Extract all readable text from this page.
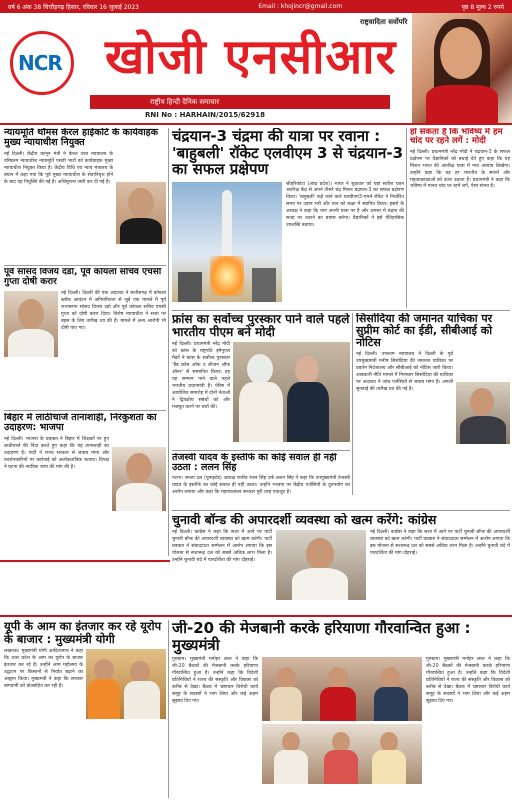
वर्ष 6 अंक 38 चित्तौड़गढ़ हिसार, रविवार 16 जुलाई 2023	Email : khojincr@gmail.com	पृष्ठ 8 मूल्य 2 रुपये
NCR
राष्ट्रवादिता सर्वोपरि
खोजी एनसीआर
राष्ट्रीय हिन्दी दैनिक समाचार
RNI No : HARHAIN/2015/62918
न्यायमूर्ति थॉमस केरल हाईकोर्ट के कार्यवाहक मुख्य न्यायाधीश नियुक्त
नई दिल्ली। केंद्रीय कानून मंत्री ने केरल उच्च न्यायालय के वरिष्ठतम न्यायाधीश न्यायमूर्ति एसवी भाटी को कार्यवाहक मुख्य न्यायाधीश नियुक्त किया है। केंद्रीय विधि एवं न्याय मंत्रालय के बयान में कहा गया कि पूर्व मुख्य न्यायाधीश के सेवानिवृत्त होने के बाद यह नियुक्ति की गई है। अधिसूचना जारी कर दी गई है।
पूर्व सांसद विजय दर्डा, पूर्व कोयला सचिव एचसी गुप्ता दोषी करार
नई दिल्ली। दिल्ली की एक अदालत ने छत्तीसगढ़ में कोयला ब्लॉक आवंटन में अनियमितता से जुड़े एक मामले में पूर्व राज्यसभा सांसद विजय दर्डा और पूर्व कोयला सचिव एचसी गुप्ता को दोषी करार दिया। विशेष न्यायाधीश ने सजा पर बहस के लिए तारीख तय की है। मामले में अन्य आरोपी भी दोषी पाए गए।
बिहार में लाठीचार्ज तानाशाही, निरंकुशता का उदाहरण: भाजपा
नई दिल्ली। भाजपा के प्रवक्ता ने बिहार में शिक्षकों पर हुए लाठीचार्ज की निंदा करते हुए कहा कि यह तानाशाही का उदाहरण है। पार्टी ने राज्य सरकार से जवाब मांगा और प्रदर्शनकारियों पर कार्रवाई को अलोकतांत्रिक बताया। विपक्ष ने घटना की न्यायिक जांच की मांग की है।
चंद्रयान-3 चंद्रमा की यात्रा पर रवाना : 'बाहुबली' रॉकेट एलवीएम 3 से चंद्रयान-3 का सफल प्रक्षेपण
श्रीहरिकोटा (आंध्र प्रदेश)। भारत ने शुक्रवार को यहां सतीश धवन अंतरिक्ष केंद्र से अपने तीसरे चंद्र मिशन चंद्रयान-3 का सफल प्रक्षेपण किया। 'बाहुबली' कहे जाने वाले एलवीएम3-एम4 रॉकेट ने निर्धारित समय पर उड़ान भरी और यान को कक्षा में स्थापित किया। इसरो के अध्यक्ष ने कहा कि यान अपनी यात्रा पर है और अगस्त में चंद्रमा की सतह पर उतरने का प्रयास करेगा। वैज्ञानिकों ने इसे ऐतिहासिक उपलब्धि बताया।
हो सकता है कि भविष्य में हम चांद पर रहने लगें : मोदी
नई दिल्ली। प्रधानमंत्री नरेंद्र मोदी ने चंद्रयान-3 के सफल प्रक्षेपण पर वैज्ञानिकों को बधाई देते हुए कहा कि यह मिशन भारत की अंतरिक्ष यात्रा में नया अध्याय लिखेगा। उन्होंने कहा कि यह हर भारतीय के सपनों और महत्वाकांक्षाओं को ऊंचा उठाता है। प्रधानमंत्री ने कहा कि भविष्य में मानव चांद पर रहने लगें, ऐसा संभव है।
फ्रांस का सर्वोच्च पुरस्कार पाने वाले पहले भारतीय पीएम बने मोदी
नई दिल्ली। प्रधानमंत्री नरेंद्र मोदी को फ्रांस के राष्ट्रपति इमैनुएल मैक्रों ने फ्रांस के सर्वोच्च पुरस्कार 'ग्रैंड क्रॉस ऑफ द लीजन ऑफ ऑनर' से सम्मानित किया। वह यह सम्मान पाने वाले पहले भारतीय प्रधानमंत्री हैं। पेरिस में आयोजित समारोह में दोनों नेताओं ने द्विपक्षीय संबंधों को और मजबूत करने पर चर्चा की।
सिसोदिया की जमानत याचिका पर सुप्रीम कोर्ट का ईडी, सीबीआई को नोटिस
नई दिल्ली। उच्चतम न्यायालय ने दिल्ली के पूर्व उपमुख्यमंत्री मनीष सिसोदिया की जमानत याचिका पर प्रवर्तन निदेशालय और सीबीआई को नोटिस जारी किया। आबकारी नीति मामले में गिरफ्तार सिसोदिया की याचिका पर अदालत ने जांच एजेंसियों से जवाब मांगा है। अगली सुनवाई की तारीख तय की गई है।
तेजस्वी यादव के इस्तीफे का कोई सवाल ही नहीं उठता : ललन सिंह
पटना। जनता दल (यूनाइटेड) अध्यक्ष राजीव रंजन सिंह उर्फ ललन सिंह ने कहा कि उपमुख्यमंत्री तेजस्वी यादव के इस्तीफे का कोई सवाल ही नहीं उठता। उन्होंने भाजपा पर केंद्रीय एजेंसियों के दुरुपयोग का आरोप लगाया और कहा कि महागठबंधन सरकार पूरी तरह एकजुट है।
चुनावी बॉन्ड की अपारदर्शी व्यवस्था को खत्म करेंगे: कांग्रेस
नई दिल्ली। कांग्रेस ने कहा कि सत्ता में आने पर पार्टी चुनावी बॉन्ड की अपारदर्शी व्यवस्था को खत्म करेगी। पार्टी प्रवक्ता ने संवाददाता सम्मेलन में आरोप लगाया कि इस योजना से सत्तारूढ़ दल को सबसे अधिक लाभ मिला है। उन्होंने चुनावी चंदे में पारदर्शिता की मांग दोहराई।
नई दिल्ली। कांग्रेस ने कहा कि सत्ता में आने पर पार्टी चुनावी बॉन्ड की अपारदर्शी व्यवस्था को खत्म करेगी। पार्टी प्रवक्ता ने संवाददाता सम्मेलन में आरोप लगाया कि इस योजना से सत्तारूढ़ दल को सबसे अधिक लाभ मिला है। उन्होंने चुनावी चंदे में पारदर्शिता की मांग दोहराई।
यूपी के आम का इंतजार कर रहे यूरोप के बाजार : मुख्यमंत्री योगी
लखनऊ। मुख्यमंत्री योगी आदित्यनाथ ने कहा कि उत्तर प्रदेश के आम का यूरोप के बाजार इंतजार कर रहे हैं। उन्होंने आम महोत्सव के उद्घाटन पर किसानों से निर्यात बढ़ाने का आह्वान किया। मुख्यमंत्री ने कहा कि सरकार बागवानी को प्रोत्साहित कर रही है।
जी-20 की मेजबानी करके हरियाणा गौरवान्वित हुआ : मुख्यमंत्री
गुरुग्राम। मुख्यमंत्री मनोहर लाल ने कहा कि जी-20 बैठकों की मेजबानी करके हरियाणा गौरवान्वित हुआ है। उन्होंने कहा कि विदेशी प्रतिनिधियों ने राज्य की संस्कृति और विकास को करीब से देखा। बैठक में भ्रष्टाचार विरोधी कार्य समूह के सदस्यों ने भाग लिया और कई अहम सुझाव दिए गए।
गुरुग्राम। मुख्यमंत्री मनोहर लाल ने कहा कि जी-20 बैठकों की मेजबानी करके हरियाणा गौरवान्वित हुआ है। उन्होंने कहा कि विदेशी प्रतिनिधियों ने राज्य की संस्कृति और विकास को करीब से देखा। बैठक में भ्रष्टाचार विरोधी कार्य समूह के सदस्यों ने भाग लिया और कई अहम सुझाव दिए गए।
